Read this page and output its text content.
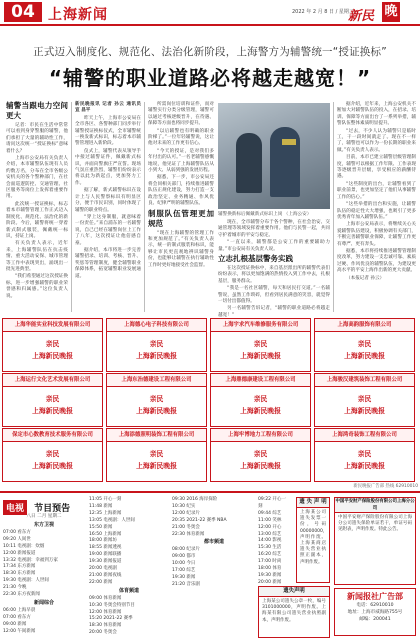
04 上海新闻	2022 年 2 月 8 日 / 星期二
新民 晚
正式迈入制度化、规范化、法治化新阶段，上海警方为辅警统一“授证换标”
“辅警的职业道路必将越走越宽！”
辅警当跟电力空间更大

记者：市民在生活中常常可以看到身穿警服的辅警，他们承担了大量的辅助性工作，请问这次统一“授证换标”意味着什么？

上海市公安局有关负责人介绍，本市辅警队伍现有人员约数万名，分布在全市各级公安机关的各个警种部门，在社会面巡逻防控、交通管理、社区服务等岗位上发挥着重要作用。

此次统一授证换标，标志着本市辅警管理工作正式迈入制度化、规范化、法治化的新阶段。今后，辅警将统一穿着新式制式服装，佩戴统一标识，持证上岗。

有关负责人表示，近年来，上海辅警队伍在抗击疫情、重大活动安保、城市管理等工作中表现突出，涌现出一批先进典型。

“我们希望通过这次授证换标，进一步增强辅警的职业荣誉感和归属感。”这位负责人说。

新民晚报讯 记者 孙云 通讯员 宣 昌平

昨天上午，上海市公安局在全市各区、各警种部门同步举行辅警授证换标仪式，全市辅警统一换发新式标识，标志着本市辅警管理进入新阶段。

仪式上，辅警代表从领导手中接过辅警证件，佩戴新式标识，并面向警旗庄严宣誓。现场气氛庄重热烈，辅警们纷纷表示将以此为新起点，更加努力工作。

据了解，新式辅警标识在设计上与人民警察标识有明显区分，便于市民识别，同时体现了辅警的职业特点。

“穿上这身制服，就意味着一份责任。”来自浦东的一名辅警说，自己已经在辅警岗位上工作了八年，这次授证让他倍感自豪。

据介绍，本市将进一步完善辅警招录、培训、考核、晋升、奖惩等管理制度，健全辅警职业保障体系，拓宽辅警职业发展通道。

所需岗位培训和证件，而对辅警实行分类分级管理，辅警可以通过考核逐级晋升，在待遇、保障等方面也将同步提升。

“以后辅警也有明确的职业阶梯了。”一位年轻辅警说，这让他对未来的工作更有信心。

“今天的授证，是对我们多年付出的认可。”一名老辅警感慨地说，他见证了上海辅警队伍从小到大、从弱到强的发展历程。

据悉，下一步，市公安局还将会同相关部门，持续推进辅警队伍正规化建设，努力打造一支政治坚定、业务精通、作风优良、纪律严明的辅警队伍。

制服队伍管理更加规范

“现在上海辅警的管理工作和更加规范了。”有关负责人表示，统一的制式服装和标识，能够让市民更直观地辨识辅警身份，也能够让辅警在执行辅助性工作时更好地接受社会监督。

辅警换新标后佩戴新式标识上岗 （上海公安）

现在，全市辅警分布于各个警种，在社会治安、交通管理等领域发挥着重要作用。他们与民警一起，共同守护着城市的平安与稳定。

“一直以来，辅警都是公安工作的重要辅助力量。”市公安局有关负责人说。

立志扎根基层警务实践

在这次授证换标中，来自基层派出所的辅警代表们纷纷表示，将以更加饱满的热情投入到工作中去，扎根基层，服务群众。

“我是一名社区辅警，每天和居民打交道。”一名辅警说，虽然工作琐碎，但看到居民满意的笑容，就觉得一切付出都值得。

另一名辅警告诉记者，“辅警的职业道路必将越走越宽！”

据介绍，近年来，上海公安机关不断加大对辅警队伍的投入，在招录、培训、保障等方面出台了一系列举措，辅警队伍整体素质明显提升。

“过去，不少人认为辅警只是临时工，干一段时间就走了。现在不一样了，辅警也可以作为一份长期的职业来做。”有关负责人表示。

目前，本市已建立辅警层级管理制度，辅警可以根据工作年限、工作表现等逐级晋升层级，享受相应的薪酬待遇。

“这些制度的出台，让辅警看到了职业前景，也更加坚定了他们从事辅警工作的信心。”

“这些举措的出台和实施，让辅警队伍的稳定性大大增强，也吸引了更多优秀青年加入辅警队伍。”

上海市公安局表示，将继续关心关爱辅警队伍建设，积极协调有关部门，不断完善辅警职业保障，让辅警工作更有尊严、更有奔头。

据悉，本市将持续推进辅警管理制度改革，努力建设一支忠诚可靠、素质过硬、作风优良的辅警队伍，为建设更高水平的平安上海作出新的更大贡献。

（本报记者 孙云）

上海华能实业科技发展有限公司
亲民
上海新民晚报
上海德心电子科技有限公司
亲民
上海新民晚报
上海宇求汽车维修服务有限公司
亲民
上海新民晚报
上海高韵服饰有限公司
亲民
上海新民晚报
上海运行文化艺术发展有限公司
亲民
上海新民晚报
上海东治德建设工程有限公司
亲民
上海新民晚报
上海鼎德康建设工程有限公司
亲民
上海新民晚报
上海骏汉建筑装饰工程有限公司
亲民
上海新民晚报
保定市心数教育技术服务有限公司
亲民
上海新民晚报
上海添德照明装饰工程有限公司
亲民
上海新民晚报
上海牢博地力工程有限公司
亲民
上海新民晚报
上海鸿奇装饰工程有限公司
亲民
上海新民晚报
新民晚报广告部 热线 62910010
电视 节目预告
八日 二月 星期二
东方卫视
07:00 看东方
09:20 人间世
10:11 电视剧：炊烟
12:00 新闻报道
13:32 电视剧：幸福到万家
17:34 东方新闻
18:30 东方新闻
19:30 电视剧：人世间
21:30 今晚
22:30 东方夜新闻
新闻综合
06:00 上海早晨
07:00 看东方
09:00 新闻
12:00 午间新闻
11:05 开心一刻
11:48 新闻
12:35 上海新闻
13:05 电视剧：人世间
15:50 新闻
16:50 上海新闻
18:00 新闻坊
18:55 新闻透视
19:00 新闻联播
19:30 新闻报道
20:00 电视剧
21:00 新闻夜线
22:00 新闻
体育频道
09:00 体育新闻
10:30 冬奥会特别节目
12:00 体育新闻
15:20 2021-22 赛季
18:30 体育新闻
20:00 冬奥会
09:30 2016 海岸探险
10:30 纪实
12:00 纪录片
20:35 2021-22 赛季 NBA
21:00 冬奥会
22:30 体育新闻
都市频道
08:00 纪录片
09:00 都市
10:00 今日
17:00 综艺
19:30 新闻
21:20 音乐剧
09:22 开心一刻
09:44 综艺
11:00 笑林
12:00 开心
13:00 综艺
14:00 影视
15:30 生活
16:20 综艺
17:00 时尚
18:00 体育
19:30 新闻
20:00 新闻
遗失声明
上海某公司遗失公章一枚，编号3101000000，声明作废。上海某有限公司遗失营业执照副本，声明作废。
遗 失 声 明
上海某公司遗失发票一份，号码00000000，声明作废。上海某商店遗失营业执照正副本，声明作废。
中国平安财产保险股份有限公司上海分公司
中国平安财产保险股份有限公司上海分公司遗失保险单证若干，单证号码见附表，声明作废。特此公告。
新闻报社广告部
电话：62910010
地址：上海市威海路755号
邮编：200041
